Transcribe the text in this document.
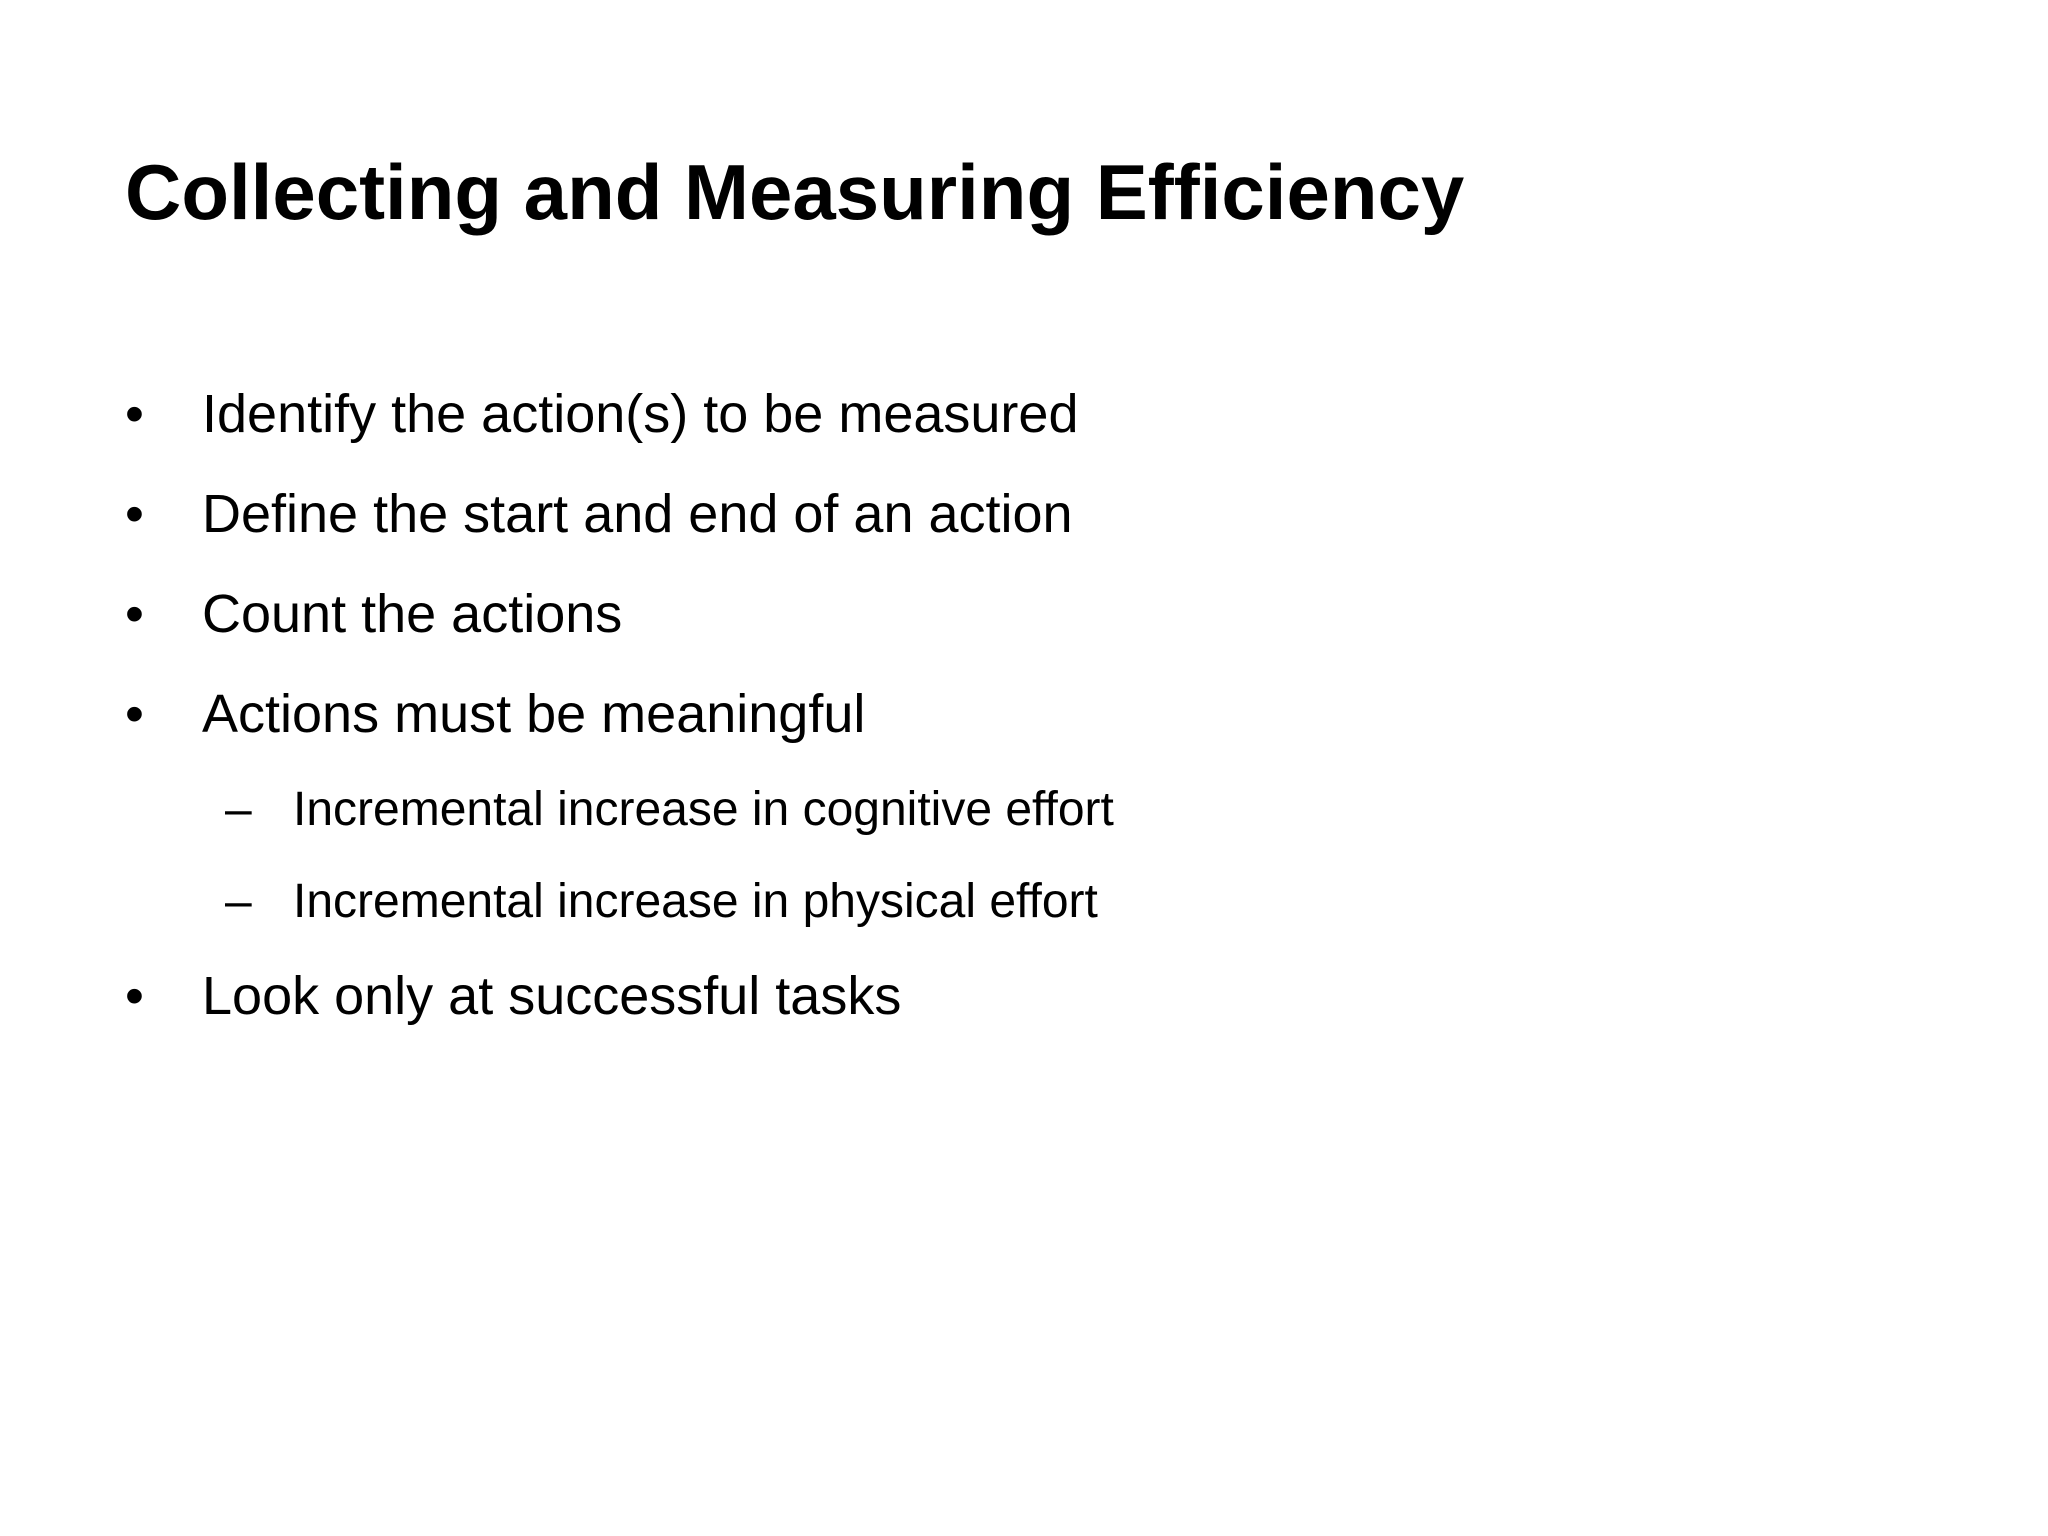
Collecting and Measuring Efficiency
• Identify the action(s) to be measured
• Define the start and end of an action
• Count the actions
• Actions must be meaningful
– Incremental increase in cognitive effort
– Incremental increase in physical effort
• Look only at successful tasks
